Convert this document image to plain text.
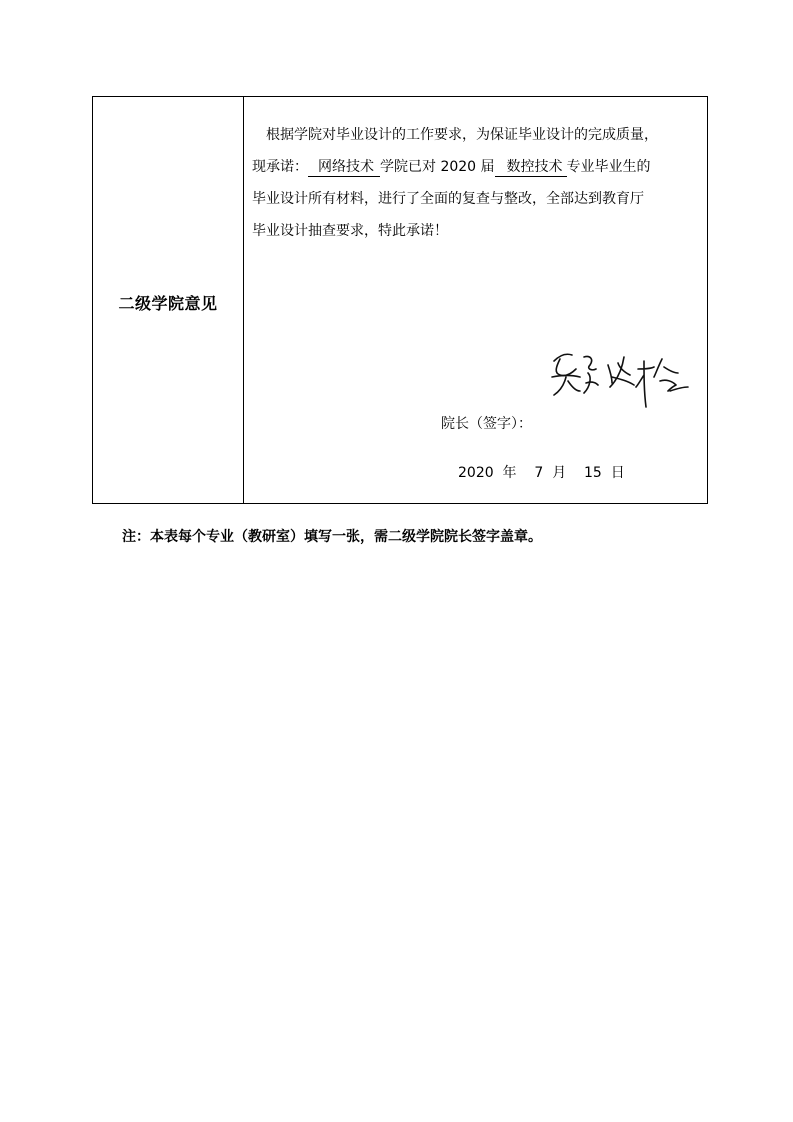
二级学院意见
根据学院对毕业设计的工作要求，为保证毕业设计的完成质量，
现承诺： 网络技术 学院已对 2020 届 数控技术 专业毕业生的
毕业设计所有材料，进行了全面的复查与整改，全部达到教育厅
毕业设计抽查要求，特此承诺！
院长（签字）：
2020 年 7 月 15 日
注：本表每个专业（教研室）填写一张，需二级学院院长签字盖章。
